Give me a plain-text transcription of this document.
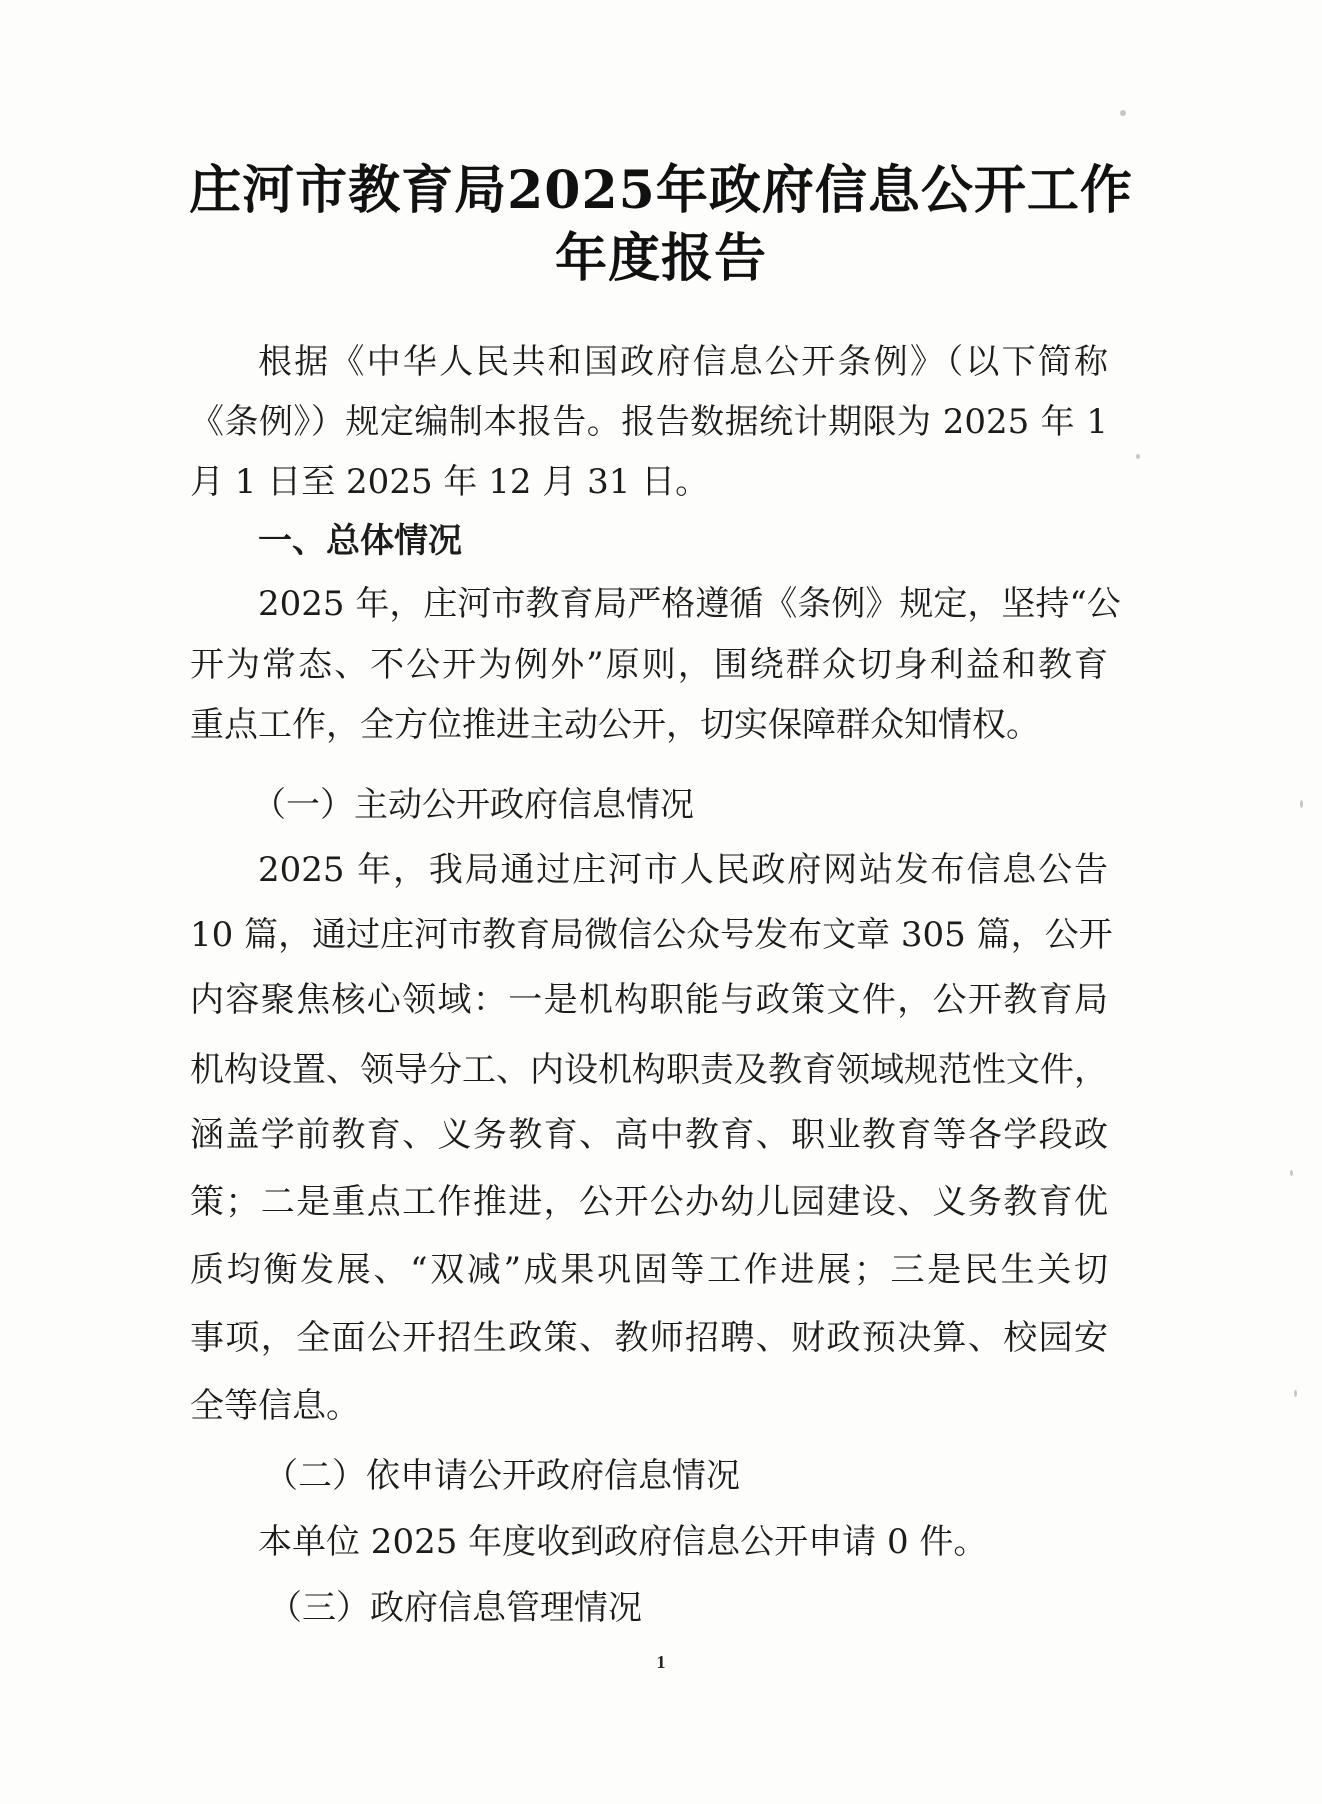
庄河市教育局2025年政府信息公开工作
年度报告
根据《中华人民共和国政府信息公开条例》（以下简称
《条例》）规定编制本报告。报告数据统计期限为 2025 年 1
月 1 日至 2025 年 12 月 31 日。
一、总体情况
2025 年，庄河市教育局严格遵循《条例》规定，坚持“公
开为常态、不公开为例外”原则，围绕群众切身利益和教育
重点工作，全方位推进主动公开，切实保障群众知情权。
（一）主动公开政府信息情况
2025 年，我局通过庄河市人民政府网站发布信息公告
10 篇，通过庄河市教育局微信公众号发布文章 305 篇，公开
内容聚焦核心领域：一是机构职能与政策文件，公开教育局
机构设置、领导分工、内设机构职责及教育领域规范性文件，
涵盖学前教育、义务教育、高中教育、职业教育等各学段政
策；二是重点工作推进，公开公办幼儿园建设、义务教育优
质均衡发展、“双减”成果巩固等工作进展；三是民生关切
事项，全面公开招生政策、教师招聘、财政预决算、校园安
全等信息。
（二）依申请公开政府信息情况
本单位 2025 年度收到政府信息公开申请 0 件。
（三）政府信息管理情况
1
